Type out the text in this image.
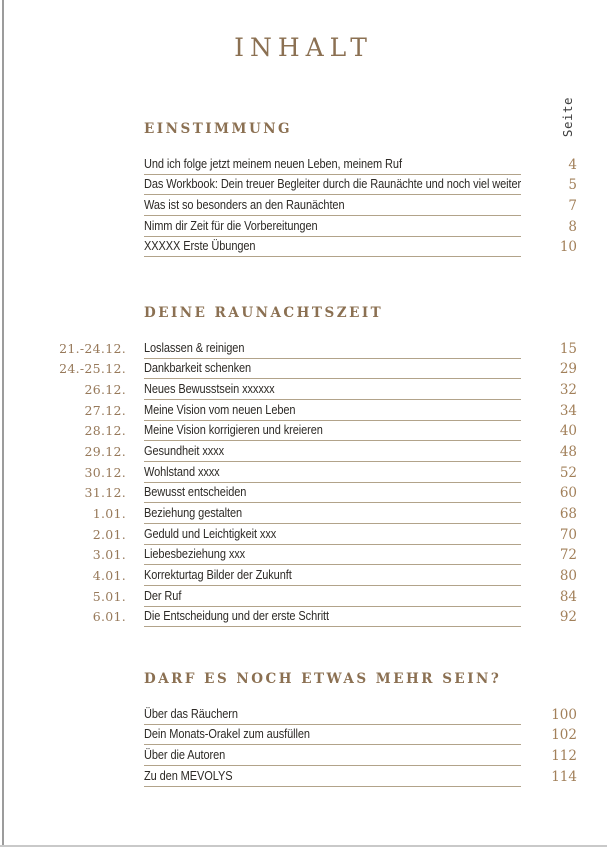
INHALT
Seite
EINSTIMMUNG
Und ich folge jetzt meinem neuen Leben, meinem Ruf	4
Das Workbook: Dein treuer Begleiter durch die Raunächte und noch viel weiter	5
Was ist so besonders an den Raunächten	7
Nimm dir Zeit für die Vorbereitungen	8
XXXXX Erste Übungen	10
DEINE RAUNACHTSZEIT
21.-24.12.	Loslassen & reinigen	15
24.-25.12.	Dankbarkeit schenken	29
26.12.	Neues Bewusstsein xxxxxx	32
27.12.	Meine Vision vom neuen Leben	34
28.12.	Meine Vision korrigieren und kreieren	40
29.12.	Gesundheit xxxx	48
30.12.	Wohlstand xxxx	52
31.12.	Bewusst entscheiden	60
1.01.	Beziehung gestalten	68
2.01.	Geduld und Leichtigkeit xxx	70
3.01.	Liebesbeziehung xxx	72
4.01.	Korrekturtag Bilder der Zukunft	80
5.01.	Der Ruf	84
6.01.	Die Entscheidung und der erste Schritt	92
DARF ES NOCH ETWAS MEHR SEIN?
Über das Räuchern	100
Dein Monats-Orakel zum ausfüllen	102
Über die Autoren	112
Zu den MEVOLYS	114
